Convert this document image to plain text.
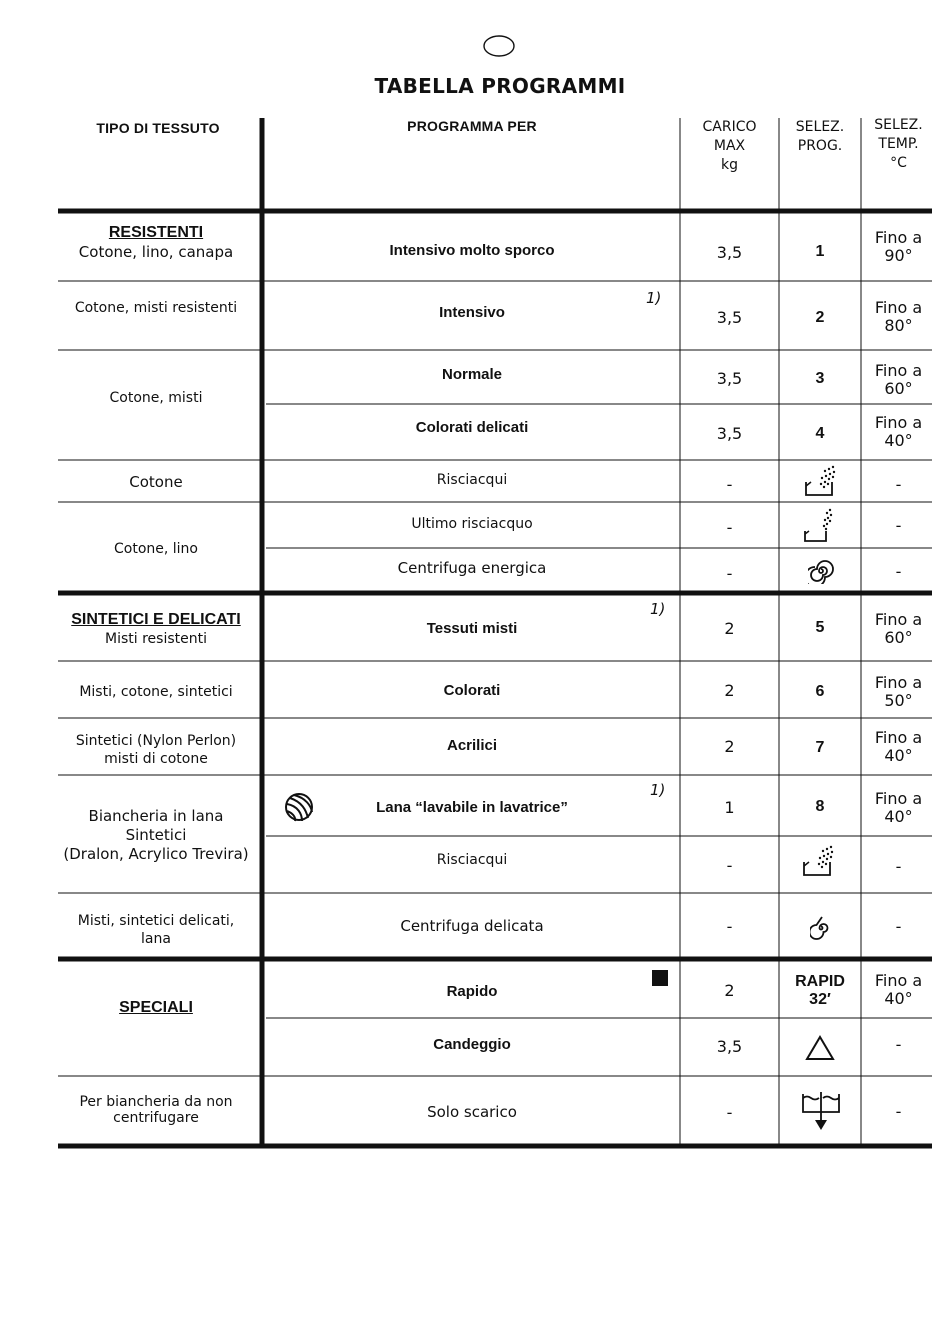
TABELLA PROGRAMMI
TIPO DI TESSUTO	PROGRAMMA PER	CARICO
MAX
kg
SELEZ.
PROG.
SELEZ.
TEMP.
°C
RESISTENTI
Cotone, lino, canapa
Cotone, misti resistenti
Cotone, misti
Cotone
Cotone, lino
SINTETICI E DELICATI
Misti resistenti
Misti, cotone, sintetici
Sintetici (Nylon Perlon)
misti di cotone
Biancheria in lana
Sintetici
(Dralon, Acrylico Trevira)
Misti, sintetici delicati,
lana
SPECIALI
Per biancheria da non
centrifugare
Intensivo molto sporco
1)
Intensivo
Normale
Colorati delicati
Risciacqui
Ultimo risciacquo
Centrifuga energica
1)
Tessuti misti
Colorati
Acrilici
1)
Lana “lavabile in lavatrice”
Risciacqui
Centrifuga delicata
Rapido
Candeggio
Solo scarico
3,5
3,5
3,5
3,5
-
-
-
2
2
2
1
-
-
2
3,5
-
1
2
3
4
5
6
7
8
RAPID
32′
Fino a
90°
Fino a
80°
Fino a
60°
Fino a
40°
-
-
-
Fino a
60°
Fino a
50°
Fino a
40°
Fino a
40°
-
-
Fino a
40°
-
-
